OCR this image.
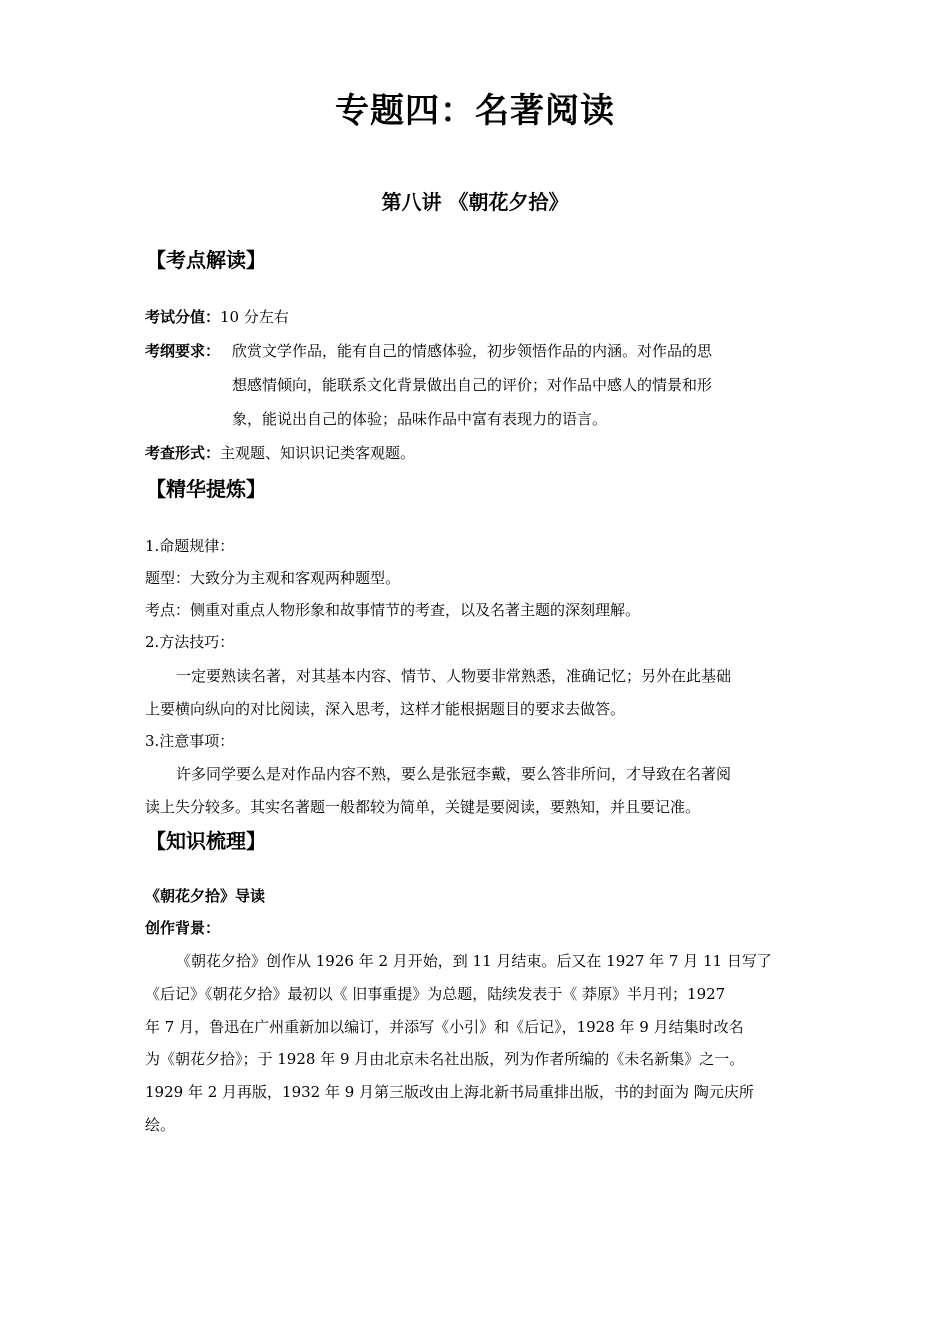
专题四：名著阅读
第八讲 《朝花夕拾》
【考点解读】
考试分值：10 分左右
考纲要求： 欣赏文学作品，能有自己的情感体验，初步领悟作品的内涵。对作品的思
想感情倾向，能联系文化背景做出自己的评价；对作品中感人的情景和形
象，能说出自己的体验；品味作品中富有表现力的语言。
考查形式：主观题、知识识记类客观题。
【精华提炼】
1.命题规律：
题型：大致分为主观和客观两种题型。
考点：侧重对重点人物形象和故事情节的考查，以及名著主题的深刻理解。
2.方法技巧：
一定要熟读名著，对其基本内容、情节、人物要非常熟悉，准确记忆；另外在此基础
上要横向纵向的对比阅读，深入思考，这样才能根据题目的要求去做答。
3.注意事项：
许多同学要么是对作品内容不熟，要么是张冠李戴，要么答非所问，才导致在名著阅
读上失分较多。其实名著题一般都较为简单，关键是要阅读，要熟知，并且要记准。
【知识梳理】
《朝花夕拾》导读
创作背景：
《朝花夕拾》创作从 1926 年 2 月开始，到 11 月结束。后又在 1927 年 7 月 11 日写了
《后记》《朝花夕拾》最初以《 旧事重提》为总题，陆续发表于《 莽原》半月刊；1927
年 7 月，鲁迅在广州重新加以编订，并添写《小引》和《后记》，1928 年 9 月结集时改名
为《朝花夕拾》；于 1928 年 9 月由北京未名社出版，列为作者所编的《未名新集》之一。
1929 年 2 月再版，1932 年 9 月第三版改由上海北新书局重排出版，书的封面为 陶元庆所
绘。
